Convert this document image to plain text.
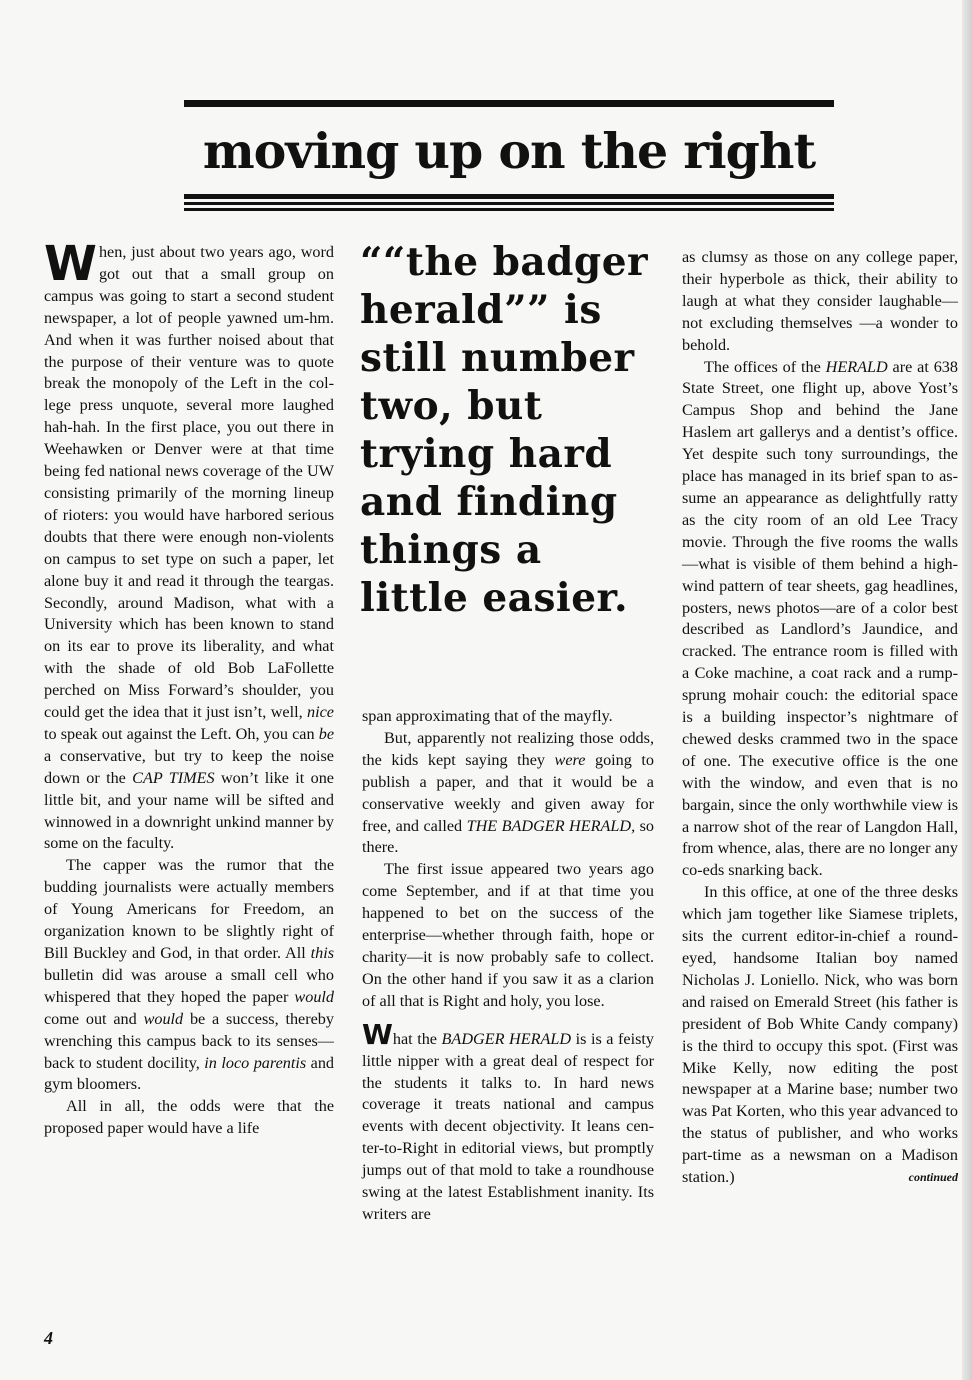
moving up on the right

When, just about two years ago, word got out that a small group on campus was going to start a second student newspaper, a lot of people yawned um-hm. And when it was further noised about that the purpose of their venture was to quote break the monopoly of the Left in the college press unquote, several more laughed hah-hah. In the first place, you out there in Weehawken or Denver were at that time being fed national news coverage of the UW consisting primarily of the morning lineup of rioters: you would have harbored serious doubts that there were enough non-violents on campus to set type on such a paper, let alone buy it and read it through the teargas. Secondly, around Madison, what with a University which has been known to stand on its ear to prove its liberality, and what with the shade of old Bob LaFollette perched on Miss Forward’s shoulder, you could get the idea that it just isn’t, well, nice to speak out against the Left. Oh, you can be a conservative, but try to keep the noise down or the CAP TIMES won’t like it one little bit, and your name will be sifted and winnowed in a downright unkind manner by some on the faculty.

The capper was the rumor that the budding journalists were actually members of Young Americans for Freedom, an organization known to be slightly right of Bill Buckley and God, in that order. All this bulletin did was arouse a small cell who whispered that they hoped the paper would come out and would be a success, thereby wrenching this campus back to its senses—back to student docility, in loco parentis and gym bloomers.

All in all, the odds were that the proposed paper would have a life

““the badger herald”” is still number two, but trying hard and finding things a little easier.

span approximating that of the mayfly.

But, apparently not realizing those odds, the kids kept saying they were going to publish a paper, and that it would be a conservative weekly and given away for free, and called THE BADGER HERALD, so there.

The first issue appeared two years ago come September, and if at that time you happened to bet on the success of the enterprise—whether through faith, hope or charity—it is now probably safe to collect. On the other hand if you saw it as a clarion of all that is Right and holy, you lose.

What the BADGER HERALD is is a feisty little nipper with a great deal of respect for the students it talks to. In hard news coverage it treats national and campus events with decent objectivity. It leans center-to-Right in editorial views, but promptly jumps out of that mold to take a roundhouse swing at the latest Establishment inanity. Its writers are

as clumsy as those on any college paper, their hyperbole as thick, their ability to laugh at what they consider laughable—not excluding themselves —a wonder to behold.

The offices of the HERALD are at 638 State Street, one flight up, above Yost’s Campus Shop and behind the Jane Haslem art gallerys and a dentist’s office. Yet despite such tony surroundings, the place has managed in its brief span to assume an appearance as delightfully ratty as the city room of an old Lee Tracy movie. Through the five rooms the walls—what is visible of them behind a high-wind pattern of tear sheets, gag headlines, posters, news photos—are of a color best described as Landlord’s Jaundice, and cracked. The entrance room is filled with a Coke machine, a coat rack and a rump-sprung mohair couch: the editorial space is a building inspector’s nightmare of chewed desks crammed two in the space of one. The executive office is the one with the window, and even that is no bargain, since the only worthwhile view is a narrow shot of the rear of Langdon Hall, from whence, alas, there are no longer any co-eds snarking back.

In this office, at one of the three desks which jam together like Siamese triplets, sits the current editor-in-chief a round-eyed, handsome Italian boy named Nicholas J. Loniello. Nick, who was born and raised on Emerald Street (his father is president of Bob White Candy company) is the third to occupy this spot. (First was Mike Kelly, now editing the post newspaper at a Marine base; number two was Pat Korten, who this year advanced to the status of publisher, and who works part-time as a newsman on a Madison station.)	continued

4
